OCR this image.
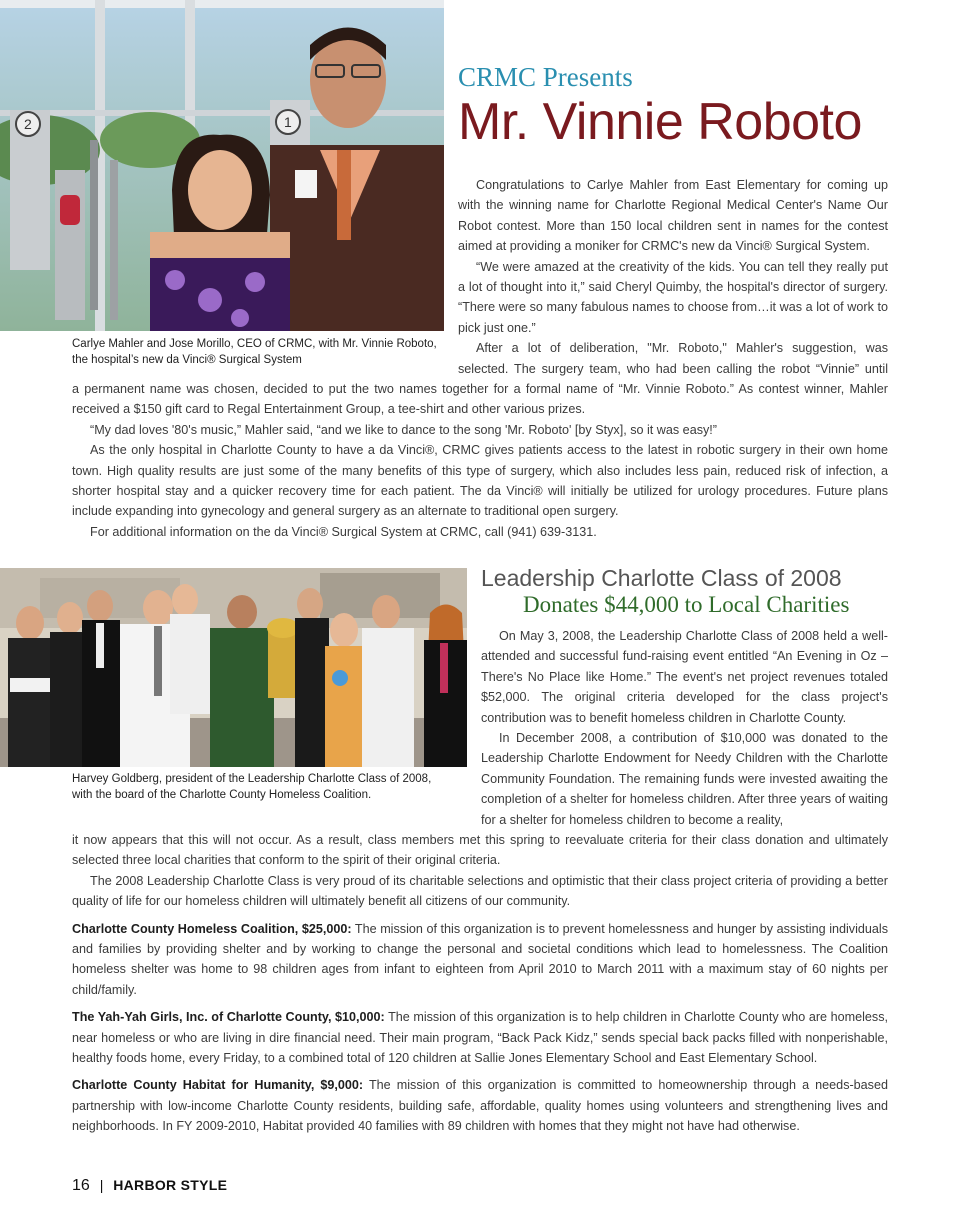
2	1
Carlye Mahler and Jose Morillo, CEO of CRMC, with Mr. Vinnie Roboto, the hospital’s new da Vinci® Surgical System
CRMC Presents
Mr. Vinnie Roboto

Congratulations to Carlye Mahler from East Elementary for coming up with the winning name for Charlotte Regional Medical Center's Name Our Robot contest. More than 150 local children sent in names for the contest aimed at providing a moniker for CRMC's new da Vinci® Surgical System.

“We were amazed at the creativity of the kids. You can tell they really put a lot of thought into it,” said Cheryl Quimby, the hospital's director of surgery. “There were so many fabulous names to choose from…it was a lot of work to pick just one.”

After a lot of deliberation, "Mr. Roboto," Mahler's suggestion, was selected. The surgery team, who had been calling the robot “Vinnie” until

a permanent name was chosen, decided to put the two names together for a formal name of “Mr. Vinnie Roboto.” As contest winner, Mahler received a $150 gift card to Regal Entertainment Group, a tee-shirt and other various prizes.

“My dad loves '80's music,” Mahler said, “and we like to dance to the song 'Mr. Roboto' [by Styx], so it was easy!”

As the only hospital in Charlotte County to have a da Vinci®, CRMC gives patients access to the latest in robotic surgery in their own home town. High quality results are just some of the many benefits of this type of surgery, which also includes less pain, reduced risk of infection, a shorter hospital stay and a quicker recovery time for each patient. The da Vinci® will initially be utilized for urology procedures. Future plans include expanding into gynecology and general surgery as an alternate to traditional open surgery.

For additional information on the da Vinci® Surgical System at CRMC, call (941) 639-3131.

Harvey Goldberg, president of the Leadership Charlotte Class of 2008, with the board of the Charlotte County Homeless Coalition.
Leadership Charlotte Class of 2008
Donates $44,000 to Local Charities

On May 3, 2008, the Leadership Charlotte Class of 2008 held a well-attended and successful fund-raising event entitled “An Evening in Oz – There's No Place like Home.” The event's net project revenues totaled $52,000. The original criteria developed for the class project's contribution was to benefit homeless children in Charlotte County.

In December 2008, a contribution of $10,000 was donated to the Leadership Charlotte Endowment for Needy Children with the Charlotte Community Foundation. The remaining funds were invested awaiting the completion of a shelter for homeless children. After three years of waiting for a shelter for homeless children to become a reality,

it now appears that this will not occur. As a result, class members met this spring to reevaluate criteria for their class donation and ultimately selected three local charities that conform to the spirit of their original criteria.

The 2008 Leadership Charlotte Class is very proud of its charitable selections and optimistic that their class project criteria of providing a better quality of life for our homeless children will ultimately benefit all citizens of our community.

Charlotte County Homeless Coalition, $25,000: The mission of this organization is to prevent homelessness and hunger by assisting individuals and families by providing shelter and by working to change the personal and societal conditions which lead to homelessness. The Coalition homeless shelter was home to 98 children ages from infant to eighteen from April 2010 to March 2011 with a maximum stay of 60 nights per child/family.

The Yah-Yah Girls, Inc. of Charlotte County, $10,000: The mission of this organization is to help children in Charlotte County who are homeless, near homeless or who are living in dire financial need. Their main program, “Back Pack Kidz,” sends special back packs filled with nonperishable, healthy foods home, every Friday, to a combined total of 120 children at Sallie Jones Elementary School and East Elementary School.

Charlotte County Habitat for Humanity, $9,000: The mission of this organization is committed to homeownership through a needs-based partnership with low-income Charlotte County residents, building safe, affordable, quality homes using volunteers and strengthening lives and neighborhoods. In FY 2009-2010, Habitat provided 40 families with 89 children with homes that they might not have had otherwise.

16 | HARBOR STYLE
